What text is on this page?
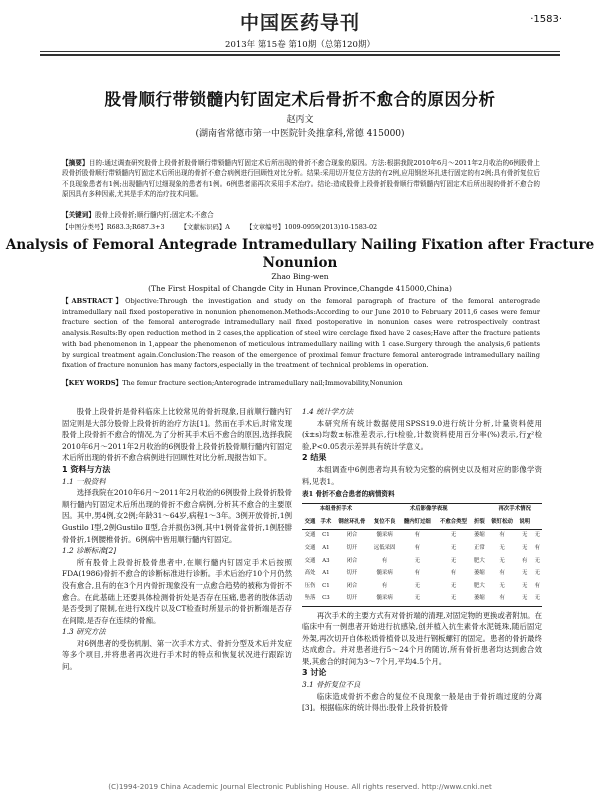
中国医药导刊	·1583·
2013年 第15卷 第10期（总第120期）
股骨顺行带锁髓内钉固定术后骨折不愈合的原因分析
赵丙文
(湖南省常德市第一中医院针灸推拿科,常德 415000)
【摘要】目的:通过调查研究股骨上段骨折股骨顺行带锁髓内钉固定术后所出现的骨折不愈合现象的原因。方法:根据我院2010年6月～2011年2月收治的6例股骨上段骨折股骨顺行带锁髓内钉固定术后所出现的骨折不愈合病例进行回顾性对比分析。结果:采用切开复位方法的有2例,应用钢丝环扎进行固定的有2例;具有骨折复位后不良现象患者有1例;出现髓内钉过细现象的患者有1例。6例患者需再次采用手术治疗。结论:造成股骨上段骨折股骨顺行带锁髓内钉固定术后所出现的骨折不愈合的原因具有多种因素,尤其是手术的治疗技术问题。
【关键词】股骨上段骨折;顺行髓内钉;固定术;不愈合
【中图分类号】R683.3;R687.3+3	【文献标识码】A	【文章编号】1009-0959(2013)10-1583-02
Analysis of Femoral Antegrade Intramedullary Nailing Fixation after Fracture Nonunion
Zhao Bing-wen
(The First Hospital of Changde City in Hunan Province,Changde 415000,China)
【ABSTRACT】Objective:Through the investigation and study on the femoral paragraph of fracture of the femoral anterograde intramedullary nail fixed postoperative in nonunion phenomenon.Methods:According to our June 2010 to February 2011,6 cases were femur fracture section of the femoral anterograde intramedullary nail fixed postoperative in nonunion cases were retrospectively contrast analysis.Results:By open reduction method in 2 cases,the application of steel wire cerclage fixed have 2 cases;Have after the fracture patients with bad phenomenon in 1,appear the phenomenon of meticulous intramedullary nailing with 1 case.Surgery through the analysis,6 patients by surgical treatment again.Conclusion:The reason of the emergence of proximal femur fracture femoral anterograde intramedullary nailing fixation of fracture nonunion has many factors,especially in the treatment of technical problems in operation.
【KEY WORDS】The femur fracture section;Anterograde intramedullary nail;Immovability,Nonunion

股骨上段骨折是骨科临床上比较常见的骨折现象,目前顺行髓内钉固定则是大部分股骨上段骨折的治疗方法[1]。然而在手术后,时常发现股骨上段骨折不愈合的情况,为了分析其手术后不愈合的原因,选择我院2010年6月～2011年2月收治的6例股骨上段骨折股骨顺行髓内钉固定术后所出现的骨折不愈合病例进行回顾性对比分析,现报告如下。

1 资料与方法

1.1 一般资料

选择我院在2010年6月～2011年2月收治的6例股骨上段骨折股骨顺行髓内钉固定术后所出现的骨折不愈合病例,分析其不愈合的主要原因。其中,男4例,女2例;年龄31～64岁,病程1～3年。3例开放骨折,1例Gustilo Ⅰ型,2例Gustilo Ⅱ型,合并损伤3例,其中1例骨盆骨折,1例胫腓骨骨折,1例腰椎骨折。6例病中皆用顺行髓内钉固定。

1.2 诊断标准[2]

所有股骨上段骨折股骨患者中,在顺行髓内钉固定手术后按照FDA(1986)骨折不愈合的诊断标准进行诊断。手术后治疗10个月仍然没有愈合,且有的在3个月内骨折现象没有一点愈合趋势的被称为骨折不愈合。在此基础上还要具体检测骨折处是否存在压痛,患者的肢体活动是否受到了限制,在进行X线片以及CT检查时所显示的骨折断端是否存在间隙,是否存在连续的骨痂。

1.3 研究方法

对6例患者的受伤机制、第一次手术方式、骨折分型及术后并发症等多个项目,并将患者再次进行手术时的特点和恢复状况进行跟踪访问。

1.4 统计学方法

本研究所有统计数据使用SPSS19.0进行统计分析,计量资料使用(x̄±s)均数±标准差表示,行t检验,计数资料使用百分率(%)表示,行χ²检验,P<0.05表示差异具有统计学意义。

2 结果

本组调查中6例患者均具有较为完整的病例史以及相对应的影像学资料,见表1。

表1 骨折不愈合患者的病情资料

本组骨折手术			术后影像学表现				再次手术情况		
交通	手术	钢丝环扎骨	复位不良	髓内钉过细	不愈合类型	折裂	锁钉松动	说明	
交通	C1	闭合	髓采病	有	无	萎缩	有	无	无
交通	A1	切开	远低采固	有	无	正常	无	无	有
交通	A3	闭合	有	无	无	肥大	无	有	无
高处	A1	切开	髓采病	有	有	萎缩	有	无	无
压伤	C1	闭合	有	无	无	肥大	无	无	有
坠落	C3	切开	髓采病	无	无	萎缩	有	无	无

再次手术的主要方式有对骨折端的清理,对固定物的更换或者附加。在临床中有一例患者开始进行抗感染,创并植入抗生素骨水泥链珠,随后固定外架,再次切开自体松质骨植骨以及进行钢板螺钉的固定。患者的骨折最终达成愈合。并对患者进行5～24个月的随访,所有骨折患者均达到愈合效果,其愈合的时间为3～7个月,平均4.5个月。

3 讨论

3.1 骨折复位不良

临床造成骨折不愈合的复位不良现象一般是由于骨折端过度的分离[3]。根据临床的统计得出:股骨上段骨折股骨

(C)1994-2019 China Academic Journal Electronic Publishing House. All rights reserved. http://www.cnki.net
